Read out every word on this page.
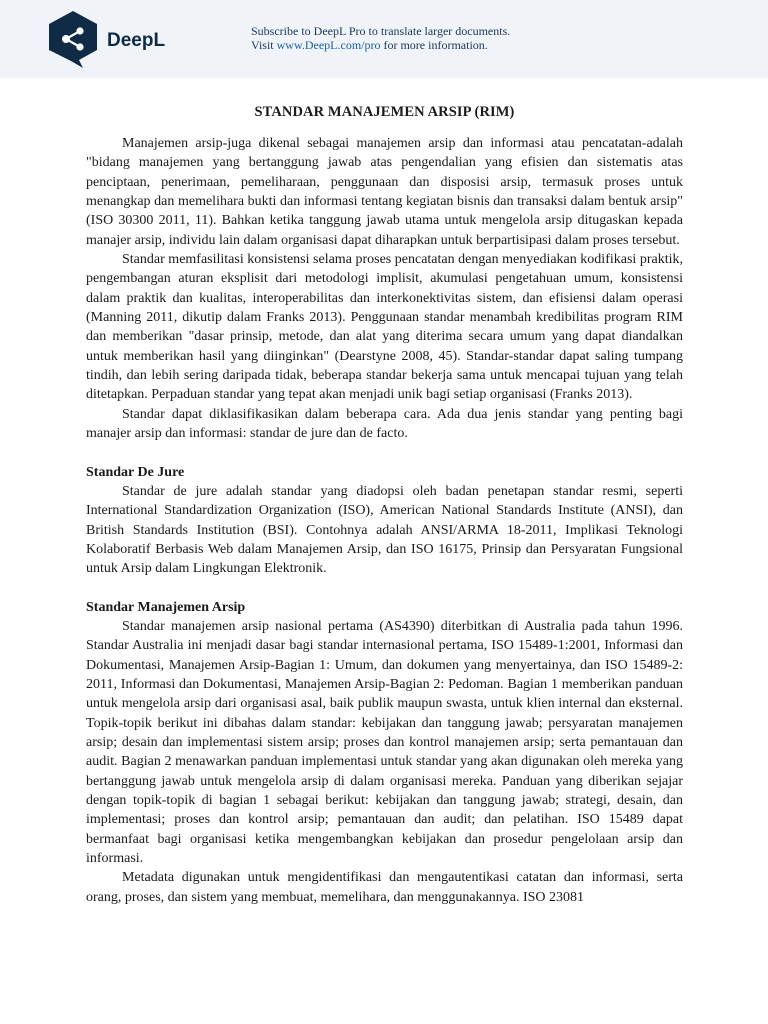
DeepL	Subscribe to DeepL Pro to translate larger documents.
Visit www.DeepL.com/pro for more information.
STANDAR MANAJEMEN ARSIP (RIM)

Manajemen arsip-juga dikenal sebagai manajemen arsip dan informasi atau pencatatan-adalah "bidang manajemen yang bertanggung jawab atas pengendalian yang efisien dan sistematis atas penciptaan, penerimaan, pemeliharaan, penggunaan dan disposisi arsip, termasuk proses untuk menangkap dan memelihara bukti dan informasi tentang kegiatan bisnis dan transaksi dalam bentuk arsip" (ISO 30300 2011, 11). Bahkan ketika tanggung jawab utama untuk mengelola arsip ditugaskan kepada manajer arsip, individu lain dalam organisasi dapat diharapkan untuk berpartisipasi dalam proses tersebut.

Standar memfasilitasi konsistensi selama proses pencatatan dengan menyediakan kodifikasi praktik, pengembangan aturan eksplisit dari metodologi implisit, akumulasi pengetahuan umum, konsistensi dalam praktik dan kualitas, interoperabilitas dan interkonektivitas sistem, dan efisiensi dalam operasi (Manning 2011, dikutip dalam Franks 2013). Penggunaan standar menambah kredibilitas program RIM dan memberikan "dasar prinsip, metode, dan alat yang diterima secara umum yang dapat diandalkan untuk memberikan hasil yang diinginkan" (Dearstyne 2008, 45). Standar-standar dapat saling tumpang tindih, dan lebih sering daripada tidak, beberapa standar bekerja sama untuk mencapai tujuan yang telah ditetapkan. Perpaduan standar yang tepat akan menjadi unik bagi setiap organisasi (Franks 2013).

Standar dapat diklasifikasikan dalam beberapa cara. Ada dua jenis standar yang penting bagi manajer arsip dan informasi: standar de jure dan de facto.

Standar De Jure

Standar de jure adalah standar yang diadopsi oleh badan penetapan standar resmi, seperti International Standardization Organization (ISO), American National Standards Institute (ANSI), dan British Standards Institution (BSI). Contohnya adalah ANSI/ARMA 18-2011, Implikasi Teknologi Kolaboratif Berbasis Web dalam Manajemen Arsip, dan ISO 16175, Prinsip dan Persyaratan Fungsional untuk Arsip dalam Lingkungan Elektronik.

Standar Manajemen Arsip

Standar manajemen arsip nasional pertama (AS4390) diterbitkan di Australia pada tahun 1996. Standar Australia ini menjadi dasar bagi standar internasional pertama, ISO 15489-1:2001, Informasi dan Dokumentasi, Manajemen Arsip-Bagian 1: Umum, dan dokumen yang menyertainya, dan ISO 15489-2: 2011, Informasi dan Dokumentasi, Manajemen Arsip-Bagian 2: Pedoman. Bagian 1 memberikan panduan untuk mengelola arsip dari organisasi asal, baik publik maupun swasta, untuk klien internal dan eksternal. Topik-topik berikut ini dibahas dalam standar: kebijakan dan tanggung jawab; persyaratan manajemen arsip; desain dan implementasi sistem arsip; proses dan kontrol manajemen arsip; serta pemantauan dan audit. Bagian 2 menawarkan panduan implementasi untuk standar yang akan digunakan oleh mereka yang bertanggung jawab untuk mengelola arsip di dalam organisasi mereka. Panduan yang diberikan sejajar dengan topik-topik di bagian 1 sebagai berikut: kebijakan dan tanggung jawab; strategi, desain, dan implementasi; proses dan kontrol arsip; pemantauan dan audit; dan pelatihan. ISO 15489 dapat bermanfaat bagi organisasi ketika mengembangkan kebijakan dan prosedur pengelolaan arsip dan informasi.

Metadata digunakan untuk mengidentifikasi dan mengautentikasi catatan dan informasi, serta orang, proses, dan sistem yang membuat, memelihara, dan menggunakannya. ISO 23081
